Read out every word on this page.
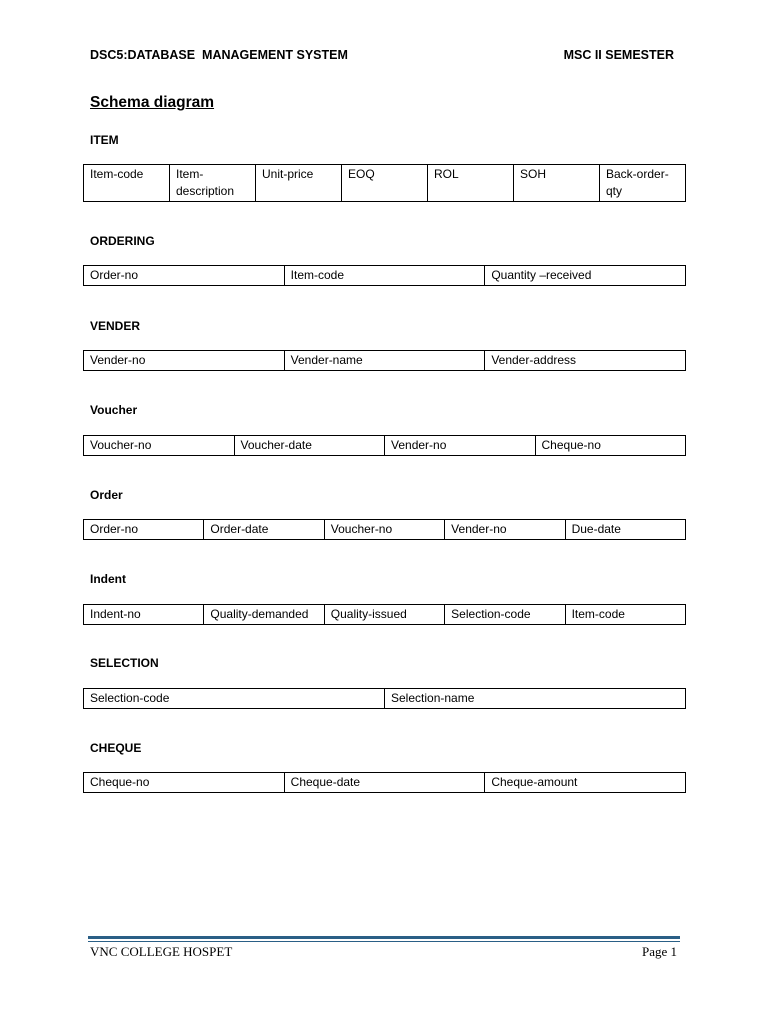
DSC5:DATABASE  MANAGEMENT SYSTEM	MSC II SEMESTER
Schema diagram
ITEM
Item-code	Item-description	Unit-price	EOQ	ROL	SOH	Back-order-qty
ORDERING
Order-no	Item-code	Quantity –received
VENDER
Vender-no	Vender-name	Vender-address
Voucher
Voucher-no	Voucher-date	Vender-no	Cheque-no
Order
Order-no	Order-date	Voucher-no	Vender-no	Due-date
Indent
Indent-no	Quality-demanded	Quality-issued	Selection-code	Item-code
SELECTION
Selection-code	Selection-name
CHEQUE
Cheque-no	Cheque-date	Cheque-amount
VNC COLLEGE HOSPET	Page 1
